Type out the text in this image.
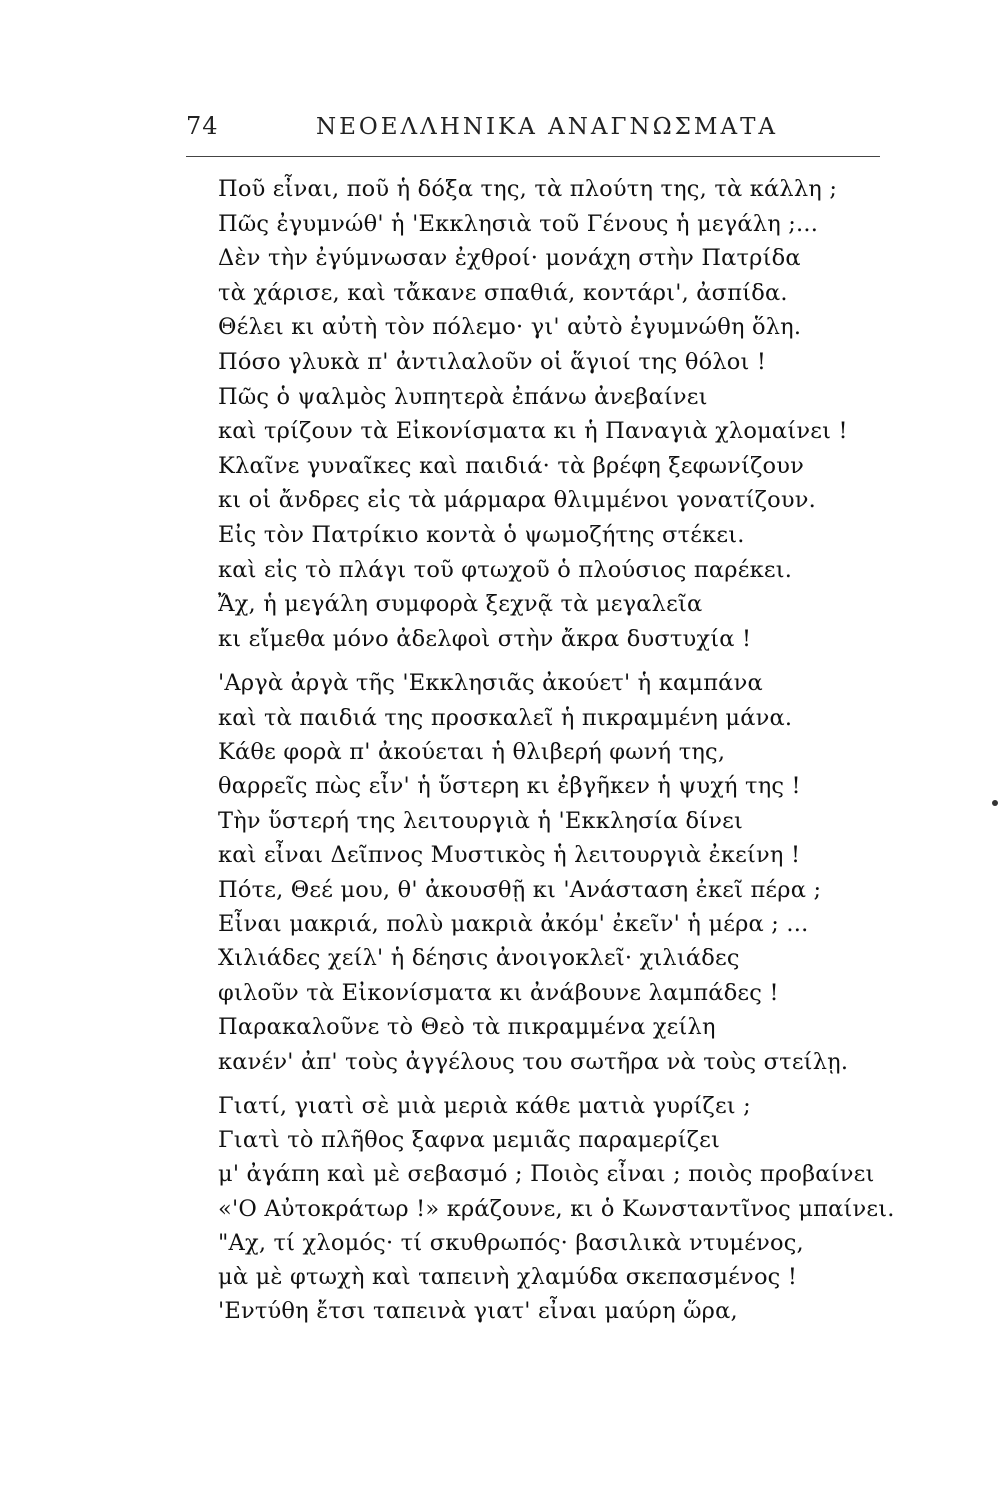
74	ΝΕΟΕΛΛΗΝΙΚΑ ΑΝΑΓΝΩΣΜΑΤΑ
Ποῦ εἶναι, ποῦ ἡ δόξα της, τὰ πλούτη της, τὰ κάλλη ;
Πῶς ἐγυμνώθ' ἡ 'Εκκλησιὰ τοῦ Γένους ἡ μεγάλη ;...
Δὲν τὴν ἐγύμνωσαν ἐχθροί· μονάχη στὴν Πατρίδα
τὰ χάρισε, καὶ τἄκανε σπαθιά, κοντάρι', ἀσπίδα.
Θέλει κι αὐτὴ τὸν πόλεμο· γι' αὐτὸ ἐγυμνώθη ὅλη.
Πόσο γλυκὰ π' ἀντιλαλοῦν οἱ ἅγιοί της θόλοι !
Πῶς ὁ ψαλμὸς λυπητερὰ ἐπάνω ἀνεβαίνει
καὶ τρίζουν τὰ Εἰκονίσματα κι ἡ Παναγιὰ χλομαίνει !
Κλαῖνε γυναῖκες καὶ παιδιά· τὰ βρέφη ξεφωνίζουν
κι οἱ ἄνδρες εἰς τὰ μάρμαρα θλιμμένοι γονατίζουν.
Εἰς τὸν Πατρίκιο κοντὰ ὁ ψωμοζήτης στέκει.
καὶ εἰς τὸ πλάγι τοῦ φτωχοῦ ὁ πλούσιος παρέκει.
Ἄχ, ἡ μεγάλη συμφορὰ ξεχνᾷ τὰ μεγαλεῖα
κι εἴμεθα μόνο ἀδελφοὶ στὴν ἄκρα δυστυχία !
'Αργὰ ἀργὰ τῆς 'Εκκλησιᾶς ἀκούετ' ἡ καμπάνα
καὶ τὰ παιδιά της προσκαλεῖ ἡ πικραμμένη μάνα.
Κάθε φορὰ π' ἀκούεται ἡ θλιβερή φωνή της,
θαρρεῖς πὼς εἶν' ἡ ὕστερη κι ἐβγῆκεν ἡ ψυχή της !
Τὴν ὕστερή της λειτουργιὰ ἡ 'Εκκλησία δίνει
καὶ εἶναι Δεῖπνος Μυστικὸς ἡ λειτουργιὰ ἐκείνη !
Πότε, Θεέ μου, θ' ἀκουσθῇ κι 'Ανάσταση ἐκεῖ πέρα ;
Εἶναι μακριά, πολὺ μακριὰ ἀκόμ' ἐκεῖν' ἡ μέρα ; ...
Χιλιάδες χείλ' ἡ δέησις ἀνοιγοκλεῖ· χιλιάδες
φιλοῦν τὰ Εἰκονίσματα κι ἀνάβουνε λαμπάδες !
Παρακαλοῦνε τὸ Θεὸ τὰ πικραμμένα χείλη
κανέν' ἀπ' τοὺς ἀγγέλους του σωτῆρα νὰ τοὺς στείλῃ.
Γιατί, γιατὶ σὲ μιὰ μεριὰ κάθε ματιὰ γυρίζει ;
Γιατὶ τὸ πλῆθος ξαφνα μεμιᾶς παραμερίζει
μ' ἀγάπη καὶ μὲ σεβασμό ; Ποιὸς εἶναι ; ποιὸς προβαίνει
«'Ο Αὐτοκράτωρ !» κράζουνε, κι ὁ Κωνσταντῖνος μπαίνει.
"Αχ, τί χλομός· τί σκυθρωπός· βασιλικὰ ντυμένος,
μὰ μὲ φτωχὴ καὶ ταπεινὴ χλαμύδα σκεπασμένος !
'Εντύθη ἔτσι ταπεινὰ γιατ' εἶναι μαύρη ὥρα,
